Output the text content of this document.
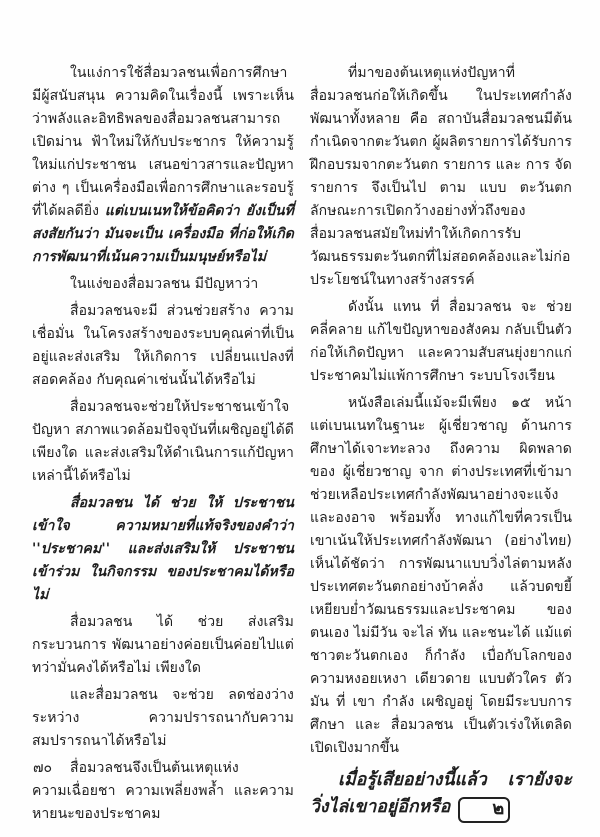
ในแง่การใช้สื่อมวลชนเพื่อการศึกษา มีผู้สนับสนุน ความคิดในเรื่องนี้ เพราะเห็นว่าพลังและอิทธิพลของสื่อมวลชนสามารถ เปิดม่าน ฟ้าใหม่ให้กับประชากร ให้ความรู้ใหม่แก่ประชาชน เสนอข่าวสารและปัญหาต่าง ๆ เป็นเครื่องมือเพื่อการศึกษาและรอบรู้ที่ได้ผลดียิ่ง แต่เบนเนทให้ข้อคิดว่า ยังเป็นที่ สงสัยกันว่า มันจะเป็น เครื่องมือ ที่ก่อให้เกิด การพัฒนาที่เน้นความเป็นมนุษย์หรือไม่

ในแง่ของสื่อมวลชน มีปัญหาว่า

สื่อมวลชนจะมี ส่วนช่วยสร้าง ความเชื่อมั่น ในโครงสร้างของระบบคุณค่าที่เป็นอยู่และส่งเสริม ให้เกิดการ เปลี่ยนแปลงที่ สอดคล้อง กับคุณค่าเช่นนั้นได้หรือไม่

สื่อมวลชนจะช่วยให้ประชาชนเข้าใจปัญหา สภาพแวดล้อมปัจจุบันที่เผชิญอยู่ได้ดีเพียงใด และส่งเสริมให้ดำเนินการแก้ปัญหาเหล่านี้ได้หรือไม่

สื่อมวลชน ได้ ช่วย ให้ ประชาชน เข้าใจ ความหมายที่แท้จริงของคำว่า ''ประชาคม'' และส่งเสริมให้ ประชาชน เข้าร่วม ในกิจกรรม ของประชาคมได้หรือไม่

สื่อมวลชน ได้ ช่วย ส่งเสริม กระบวนการ พัฒนาอย่างค่อยเป็นค่อยไปแต่ทว่ามั่นคงได้หรือไม่ เพียงใด

และสื่อมวลชน จะช่วย ลดช่องว่าง ระหว่าง ความปรารถนากับความสมปรารถนาได้หรือไม่

สื่อมวลชนจึงเป็นต้นเหตุแห่งความเฉื่อยชา ความเพลี่ยงพล้ำ และความหายนะของประชาคม

ที่มาของต้นเหตุแห่งปัญหาที่สื่อมวลชนก่อให้เกิดขึ้น ในประเทศกำลังพัฒนาทั้งหลาย คือ สถาบันสื่อมวลชนมีต้นกำเนิดจากตะวันตก ผู้ผลิตรายการได้รับการฝึกอบรมจากตะวันตก รายการ และ การ จัด รายการ จึงเป็นไป ตาม แบบ ตะวันตก ลักษณะการเปิดกว้างอย่างทั่วถึงของสื่อมวลชนสมัยใหม่ทำให้เกิดการรับวัฒนธรรมตะวันตกที่ไม่สอดคล้องและไม่ก่อประโยชน์ในทางสร้างสรรค์

ดังนั้น แทน ที่ สื่อมวลชน จะ ช่วย คลี่คลาย แก้ไขปัญหาของสังคม กลับเป็นตัวก่อให้เกิดปัญหา และความสับสนยุ่งยากแก่ประชาคมไม่แพ้การศึกษา ระบบโรงเรียน

หนังสือเล่มนี้แม้จะมีเพียง ๑๕ หน้า แต่เบนเนทในฐานะ ผู้เชี่ยวชาญ ด้านการ ศึกษาได้เจาะทะลวง ถึงความ ผิดพลาด ของ ผู้เชี่ยวชาญ จาก ต่างประเทศที่เข้ามาช่วยเหลือประเทศกำลังพัฒนาอย่างจะแจ้งและองอาจ พร้อมทั้ง ทางแก้ไขที่ควรเป็น เขาเน้นให้ประเทศกำลังพัฒนา (อย่างไทย) เห็นได้ชัดว่า การพัฒนาแบบวิ่งไล่ตามหลังประเทศตะวันตกอย่างบ้าคลั่ง แล้วบดขยี้เหยียบย่ำวัฒนธรรมและประชาคม ของตนเอง ไม่มีวัน จะไล่ ทัน และชนะได้ แม้แต่ชาวตะวันตกเอง ก็กำลัง เบื่อกับโลกของความหงอยเหงา เดียวดาย แบบตัวใคร ตัวมัน ที่ เขา กำลัง เผชิญอยู่ โดยมีระบบการศึกษา และ สื่อมวลชน เป็นตัวเร่งให้เตลิดเปิดเปิงมากขึ้น

เมื่อรู้เสียอย่างนี้แล้ว เรายังจะวิ่งไล่เขาอยู่อีกหรือ ๒

๗๐
